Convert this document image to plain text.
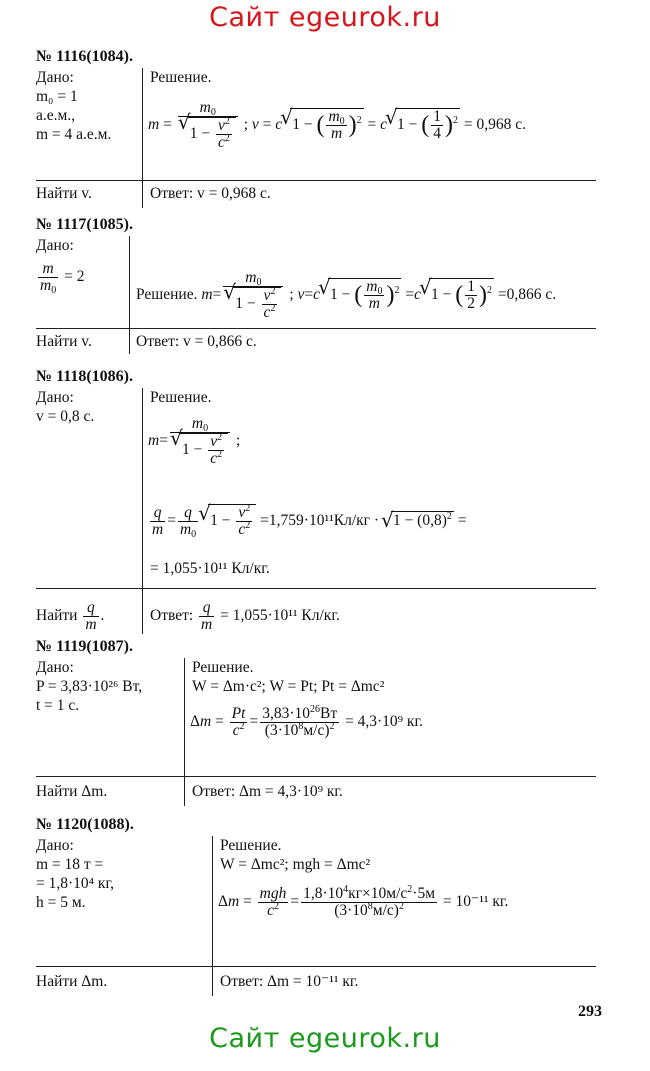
Сайт egeurok.ru
№ 1116(1084).
Дано:
m₀ = 1
а.е.м.,
m = 4 а.е.м.
Решение.
$m = m_0$
√ $1 - \frac{v^2}{c^2}$ ; v = c√ 1 − ( $\frac{m_0}{m} )^2 = c√$ 1 − ( $\frac{1}{4} )^2 = 0,968$ с.
Найти v.	Ответ: v = 0,968 с.
№ 1117(1085).
Дано:
$\frac{m}{m_0} = 2$
Решение. $m= m_0$
√ $1 - \frac{v^2}{c^2}$ ; v=c√ 1 − ( $\frac{m_0}{m} )^2 =c√$ 1 − ( $\frac{1}{2} )^2 =0,866$ с.
Найти v.	Ответ: v = 0,866 с.
№ 1118(1086).
Дано:
v = 0,8 с.
Решение.
$m= m_0$
√ $1 - \frac{v^2}{c^2}$ ;
$\frac{q}{m} = \frac{q}{m_0}$
√ $1 - \frac{v^2}{c^2} =1,759\cdot 10^{11}Кл/кг$ · √ $1 - (0,8)^2$ =
= 1,055·10¹¹ Кл/кг.
Найти $\frac{q}{m}$ .	Ответ: $\frac{q}{m} = 1,055\cdot 10^{11}$ Кл/кг.
№ 1119(1087).
Дано:
P = 3,83·10²⁶ Вт,
t = 1 с.
Решение.
W = Δm·c²; W = Pt; Pt = Δmc²
$\Delta m = \frac{Pt}{c^2} = \frac{3,83\cdot 10^{26}Вт}{(3\cdot 10^8м/с)^2} = 4,3\cdot 10^9$ кг.
Найти Δm.	Ответ: Δm = 4,3·10⁹ кг.
№ 1120(1088).
Дано:
m = 18 т =
= 1,8·10⁴ кг,
h = 5 м.
Решение.
W = Δmc²; mgh = Δmc²
$\Delta m = \frac{\text{mgh}}{c^2} = \frac{1,8\cdot 10^4кг\times 10м/с^2\cdot 5м}{(3\cdot 10^8м/с)^2} = 10^{-11}$ кг.
Найти Δm.	Ответ: Δm = 10⁻¹¹ кг.
293
Сайт egeurok.ru
